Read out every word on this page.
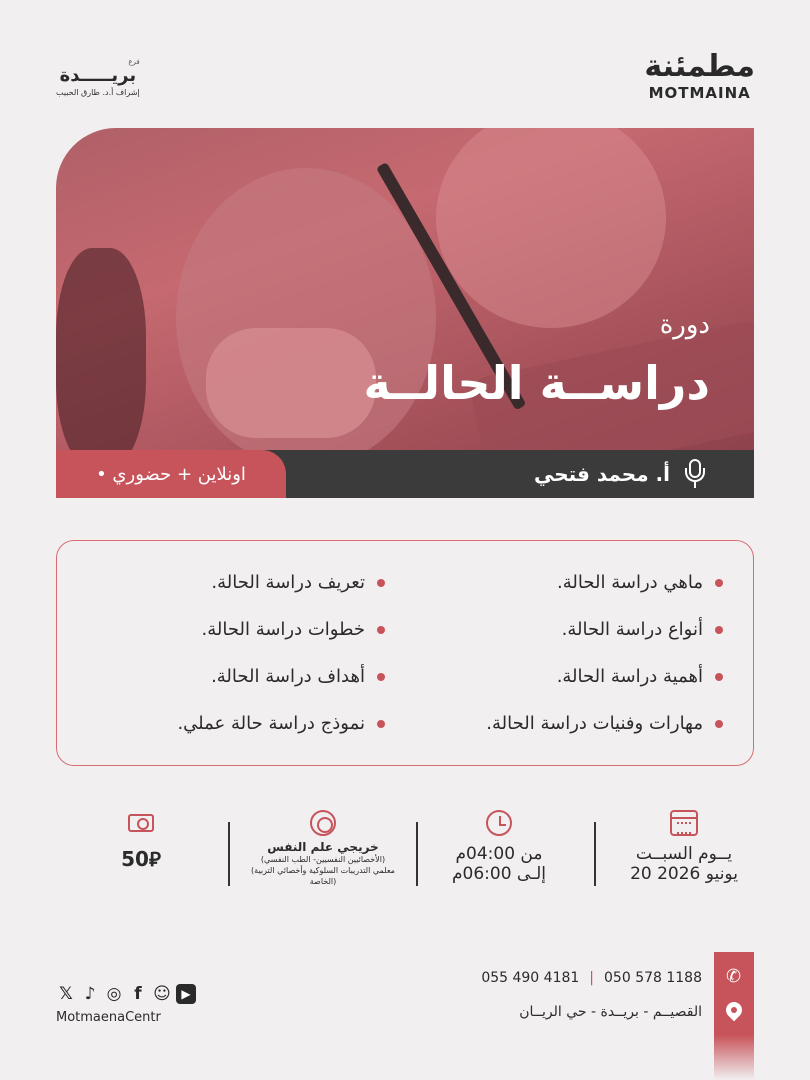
مطمئنة
MOTMAINA
فرع
بريـــــدة
إشراف أ.د. طارق الحبيب
دورة
دراســة الحالــة
• اونلاين + حضوري	أ. محمد فتحي
ماهي دراسة الحالة.
أنواع دراسة الحالة.
أهمية دراسة الحالة.
مهارات وفنيات دراسة الحالة.
تعريف دراسة الحالة.
خطوات دراسة الحالة.
أهداف دراسة الحالة.
نموذج دراسة حالة عملي.
يــوم السبــت
20 يونيو 2026
من 04:00م
إلـى 06:00م
خريجي علم النفس
(الأخصائيين النفسيين- الطب النفسي)
(معلمي التدريبات السلوكية وأخصائي التربية الخاصة)
50⃁
✆
055 490 4181 | 050 578 1188
القصيــم - بريــدة - حي الريــان
𝕏 ♪ ◎ f ☺ ▶
MotmaenaCentr
